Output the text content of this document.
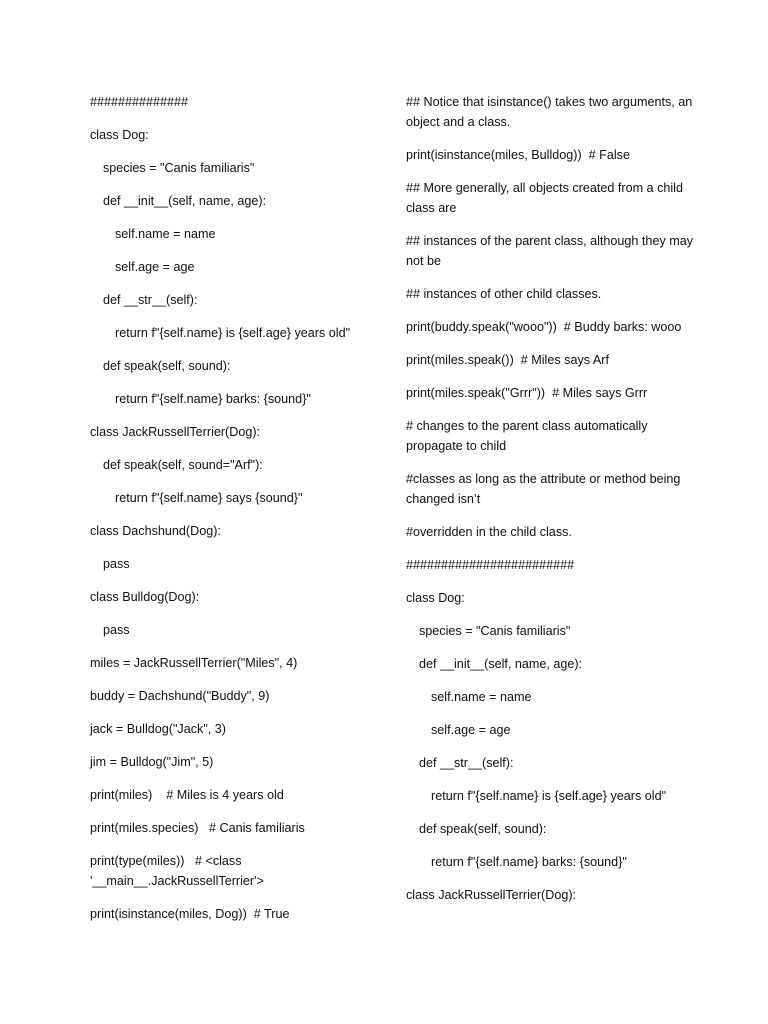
##############
class Dog:
species = "Canis familiaris"
def __init__(self, name, age):
self.name = name
self.age = age
def __str__(self):
return f"{self.name} is {self.age} years old"
def speak(self, sound):
return f"{self.name} barks: {sound}"
class JackRussellTerrier(Dog):
def speak(self, sound="Arf"):
return f"{self.name} says {sound}"
class Dachshund(Dog):
pass
class Bulldog(Dog):
pass
miles = JackRussellTerrier("Miles", 4)
buddy = Dachshund("Buddy", 9)
jack = Bulldog("Jack", 3)
jim = Bulldog("Jim", 5)
print(miles)    # Miles is 4 years old
print(miles.species)   # Canis familiaris
print(type(miles))   # <class '__main__.JackRussellTerrier'>
print(isinstance(miles, Dog))  # True
## Notice that isinstance() takes two arguments, an object and a class.
print(isinstance(miles, Bulldog))  # False
## More generally, all objects created from a child class are
## instances of the parent class, although they may not be
## instances of other child classes.
print(buddy.speak("wooo"))  # Buddy barks: wooo
print(miles.speak())  # Miles says Arf
print(miles.speak("Grrr"))  # Miles says Grrr
# changes to the parent class automatically propagate to child
#classes as long as the attribute or method being changed isn’t
#overridden in the child class.
########################
class Dog:
species = "Canis familiaris"
def __init__(self, name, age):
self.name = name
self.age = age
def __str__(self):
return f"{self.name} is {self.age} years old"
def speak(self, sound):
return f"{self.name} barks: {sound}"
class JackRussellTerrier(Dog):
